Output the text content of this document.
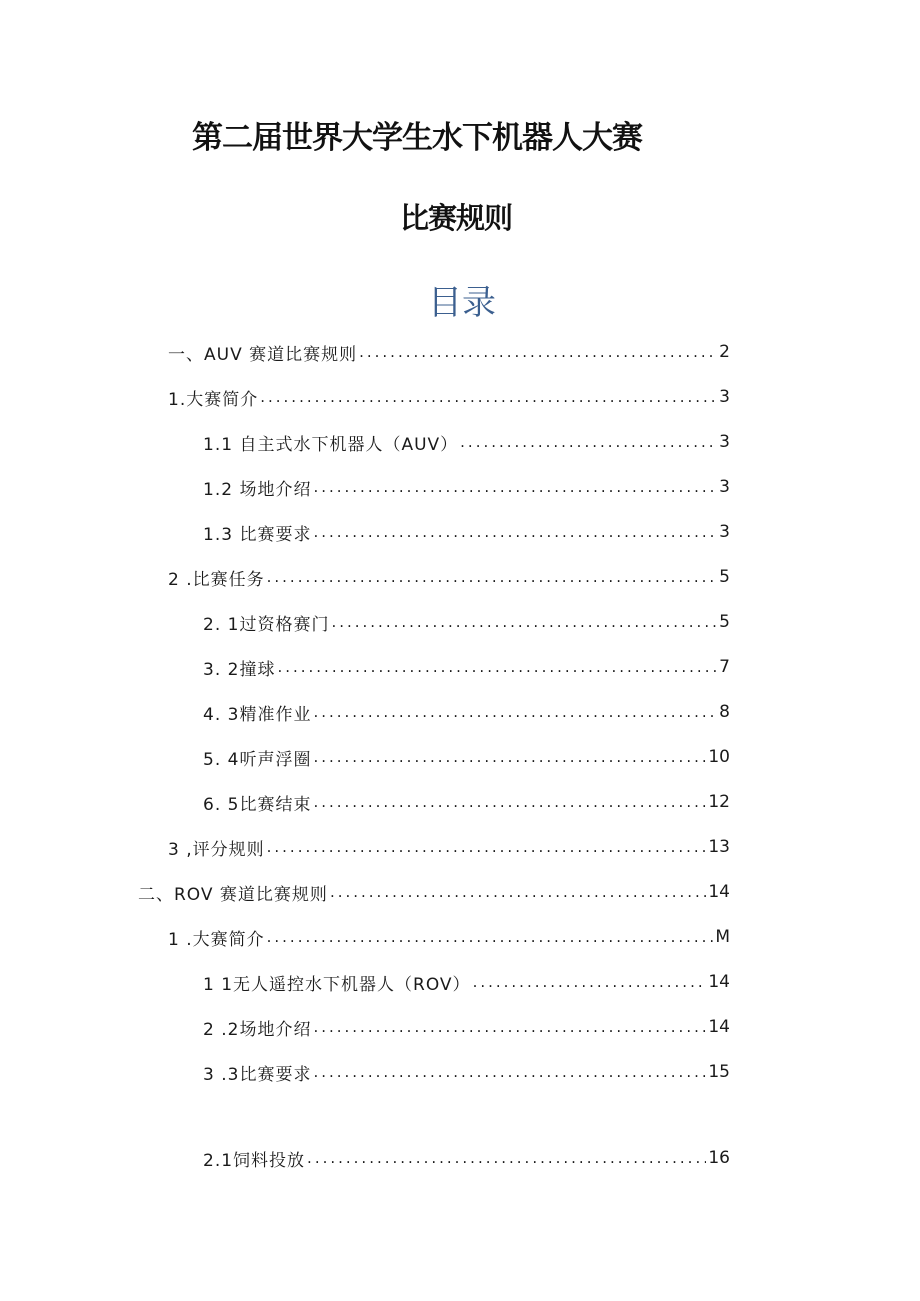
第二届世界大学生水下机器人大赛
比赛规则
目录
一、AUV 赛道比赛规则 .....	2
1.大赛简介 .....	3
1.1 自主式水下机器人（AUV） .....	3
1.2 场地介绍 .....	3
1.3 比赛要求 .....	3
2 .比赛任务 .....	5
2. 1过资格赛门 .....	5
3. 2撞球 .....	7
4. 3精准作业 .....	8
5. 4听声浮圈 .....	10
6. 5比赛结束 .....	12
3 ,评分规则 .....	13
二、ROV 赛道比赛规则 .....	14
1 .大赛简介 .....	M
1 1无人遥控水下机器人（ROV） .....	14
2 .2场地介绍 .....	14
3 .3比赛要求 .....	15
2.1饲料投放 .....	16
